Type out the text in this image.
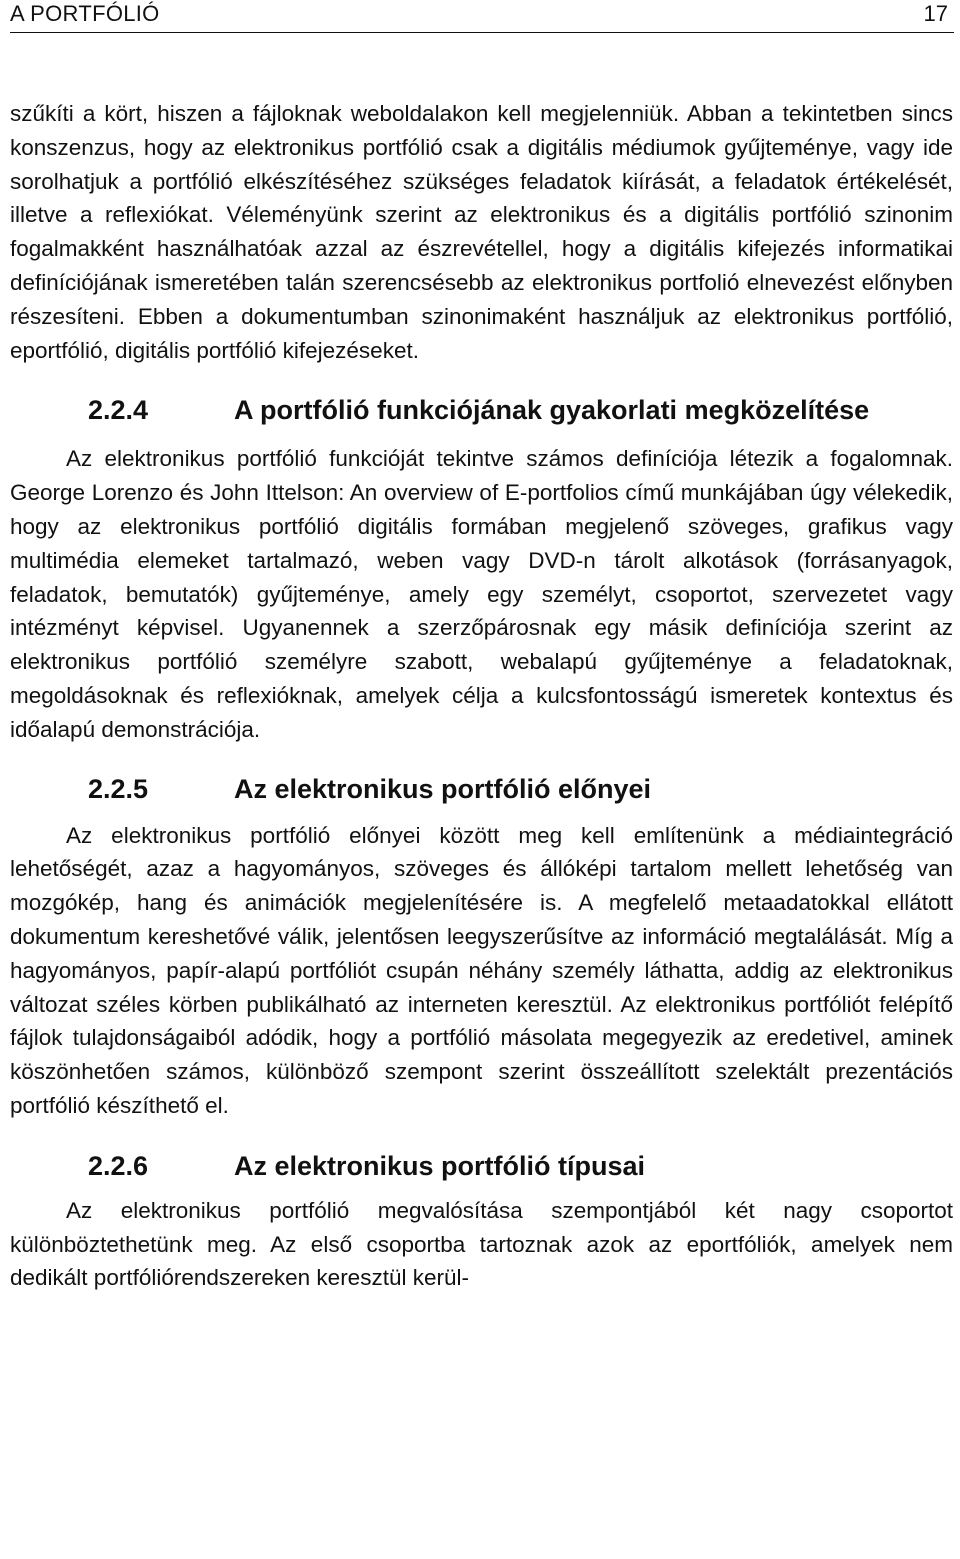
A PORTFÓLIÓ	17

szűkíti a kört, hiszen a fájloknak weboldalakon kell megjelenniük. Abban a tekintetben sincs konszenzus, hogy az elektronikus portfólió csak a digitális médiumok gyűjteménye, vagy ide sorolhatjuk a portfólió elkészítéséhez szükséges feladatok kiírását, a feladatok értékelését, illetve a reflexiókat. Véleményünk szerint az elektronikus és a digitális portfólió szinonim fogalmakként használhatóak azzal az észrevétellel, hogy a digitális kifejezés informatikai definíciójának ismeretében talán szerencsésebb az elektronikus portfolió elnevezést előnyben részesíteni. Ebben a dokumentumban szinonimaként használjuk az elektronikus portfólió, eportfólió, digitális portfólió kifejezéseket.

2.2.4	A portfólió funkciójának gyakorlati megközelítése

Az elektronikus portfólió funkcióját tekintve számos definíciója létezik a fogalomnak. George Lorenzo és John Ittelson: An overview of E-portfolios című munkájában úgy vélekedik, hogy az elektronikus portfólió digitális formában megjelenő szöveges, grafikus vagy multimédia elemeket tartalmazó, weben vagy DVD-n tárolt alkotások (forrásanyagok, feladatok, bemutatók) gyűjteménye, amely egy személyt, csoportot, szervezetet vagy intézményt képvisel. Ugyanennek a szerzőpárosnak egy másik definíciója szerint az elektronikus portfólió személyre szabott, webalapú gyűjteménye a feladatoknak, megoldásoknak és reflexióknak, amelyek célja a kulcsfontosságú ismeretek kontextus és időalapú demonstrációja.

2.2.5	Az elektronikus portfólió előnyei

Az elektronikus portfólió előnyei között meg kell említenünk a médiaintegráció lehetőségét, azaz a hagyományos, szöveges és állóképi tartalom mellett lehetőség van mozgókép, hang és animációk megjelenítésére is. A megfelelő metaadatokkal ellátott dokumentum kereshetővé válik, jelentősen leegyszerűsítve az információ megtalálását. Míg a hagyományos, papír-alapú portfóliót csupán néhány személy láthatta, addig az elektronikus változat széles körben publikálható az interneten keresztül. Az elektronikus portfóliót felépítő fájlok tulajdonságaiból adódik, hogy a portfólió másolata megegyezik az eredetivel, aminek köszönhetően számos, különböző szempont szerint összeállított szelektált prezentációs portfólió készíthető el.

2.2.6	Az elektronikus portfólió típusai

Az elektronikus portfólió megvalósítása szempontjából két nagy csoportot különböztethetünk meg. Az első csoportba tartoznak azok az eportfóliók, amelyek nem dedikált portfóliórendszereken keresztül kerül-
